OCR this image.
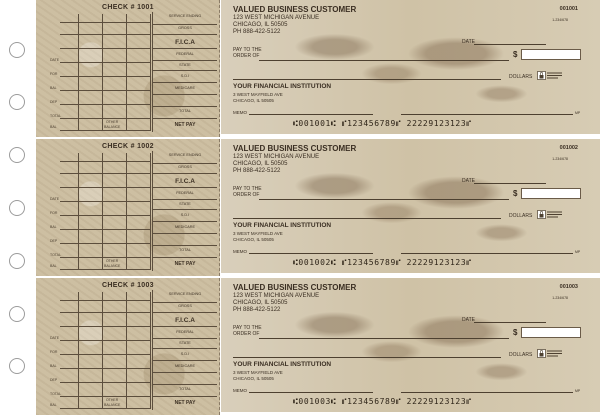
CHECK # 1001
DATE
FOR
BAL
DEP
TOTAL
OTHER
BALANCE
BAL
SERVICE ENDING
GROSS
F.I.C.A
FEDERAL
STATE
S.D.I
MEDICARE
TOTAL
NET PAY
VALUED BUSINESS CUSTOMER
123 WEST MICHIGAN AVENUE
CHICAGO, IL 50505
PH 888-422-5122
001001
1-234/678
DATE
PAY TO THE
ORDER OF	$
DOLLARS
YOUR FINANCIAL INSTITUTION
3 WEST MAYFIELD AVE
CHICAGO, IL 50505
MEMO	MP
⑆001001⑆ ⑈123456789⑈ 22229123123⑈
CHECK # 1002
DATE
FOR
BAL
DEP
TOTAL
OTHER
BALANCE
BAL
SERVICE ENDING
GROSS
F.I.C.A
FEDERAL
STATE
S.D.I
MEDICARE
TOTAL
NET PAY
VALUED BUSINESS CUSTOMER
123 WEST MICHIGAN AVENUE
CHICAGO, IL 50505
PH 888-422-5122
001002
1-234/678
DATE
PAY TO THE
ORDER OF	$
DOLLARS
YOUR FINANCIAL INSTITUTION
3 WEST MAYFIELD AVE
CHICAGO, IL 50505
MEMO	MP
⑆001002⑆ ⑈123456789⑈ 22229123123⑈
CHECK # 1003
DATE
FOR
BAL
DEP
TOTAL
OTHER
BALANCE
BAL
SERVICE ENDING
GROSS
F.I.C.A
FEDERAL
STATE
S.D.I
MEDICARE
TOTAL
NET PAY
VALUED BUSINESS CUSTOMER
123 WEST MICHIGAN AVENUE
CHICAGO, IL 50505
PH 888-422-5122
001003
1-234/678
DATE
PAY TO THE
ORDER OF	$
DOLLARS
YOUR FINANCIAL INSTITUTION
3 WEST MAYFIELD AVE
CHICAGO, IL 50505
MEMO	MP
⑆001003⑆ ⑈123456789⑈ 22229123123⑈
